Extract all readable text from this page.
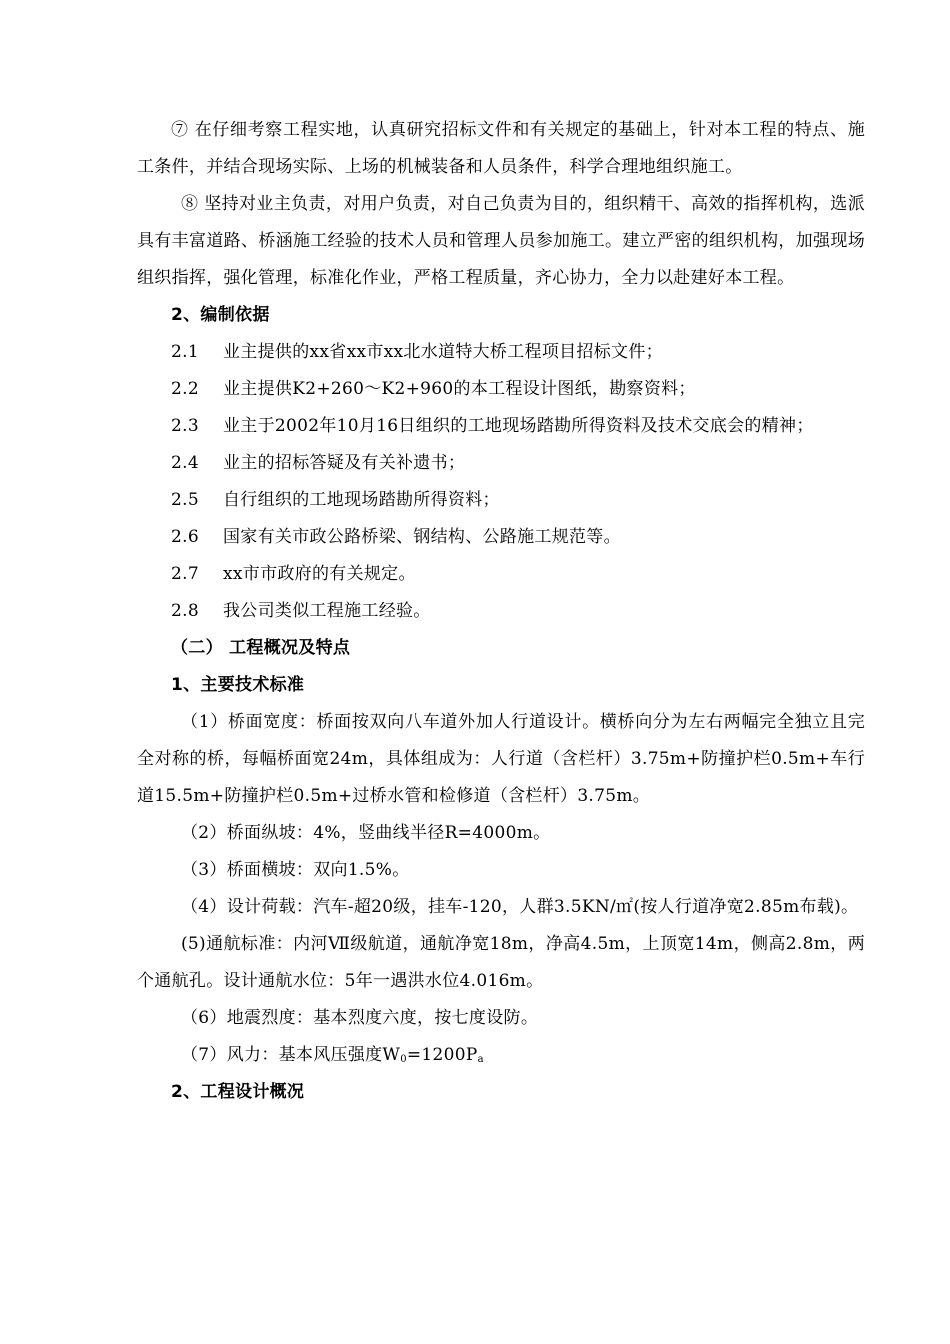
⑦ 在仔细考察工程实地，认真研究招标文件和有关规定的基础上，针对本工程的特点、施工条件，并结合现场实际、上场的机械装备和人员条件，科学合理地组织施工。

⑧ 坚持对业主负责，对用户负责，对自己负责为目的，组织精干、高效的指挥机构，选派具有丰富道路、桥涵施工经验的技术人员和管理人员参加施工。建立严密的组织机构，加强现场组织指挥，强化管理，标准化作业，严格工程质量，齐心协力，全力以赴建好本工程。

2、编制依据

2.1 业主提供的xx省xx市xx北水道特大桥工程项目招标文件；

2.2 业主提供K2+260～K2+960的本工程设计图纸，勘察资料；

2.3 业主于2002年10月16日组织的工地现场踏勘所得资料及技术交底会的精神；

2.4 业主的招标答疑及有关补遗书；

2.5 自行组织的工地现场踏勘所得资料；

2.6 国家有关市政公路桥梁、钢结构、公路施工规范等。

2.7 xx市市政府的有关规定。

2.8 我公司类似工程施工经验。

（二） 工程概况及特点

1、主要技术标准

（1）桥面宽度：桥面按双向八车道外加人行道设计。横桥向分为左右两幅完全独立且完全对称的桥，每幅桥面宽24m，具体组成为：人行道（含栏杆）3.75m+防撞护栏0.5m+车行道15.5m+防撞护栏0.5m+过桥水管和检修道（含栏杆）3.75m。

（2）桥面纵坡：4%，竖曲线半径R=4000m。

（3）桥面横坡：双向1.5%。

（4）设计荷载：汽车-超20级，挂车-120，人群3.5KN/㎡(按人行道净宽2.85m布载)。

(5)通航标准：内河Ⅶ级航道，通航净宽18m，净高4.5m，上顶宽14m，侧高2.8m，两个通航孔。设计通航水位：5年一遇洪水位4.016m。

（6）地震烈度：基本烈度六度，按七度设防。

（7）风力：基本风压强度$W_0=1200P_a$

2、工程设计概况
